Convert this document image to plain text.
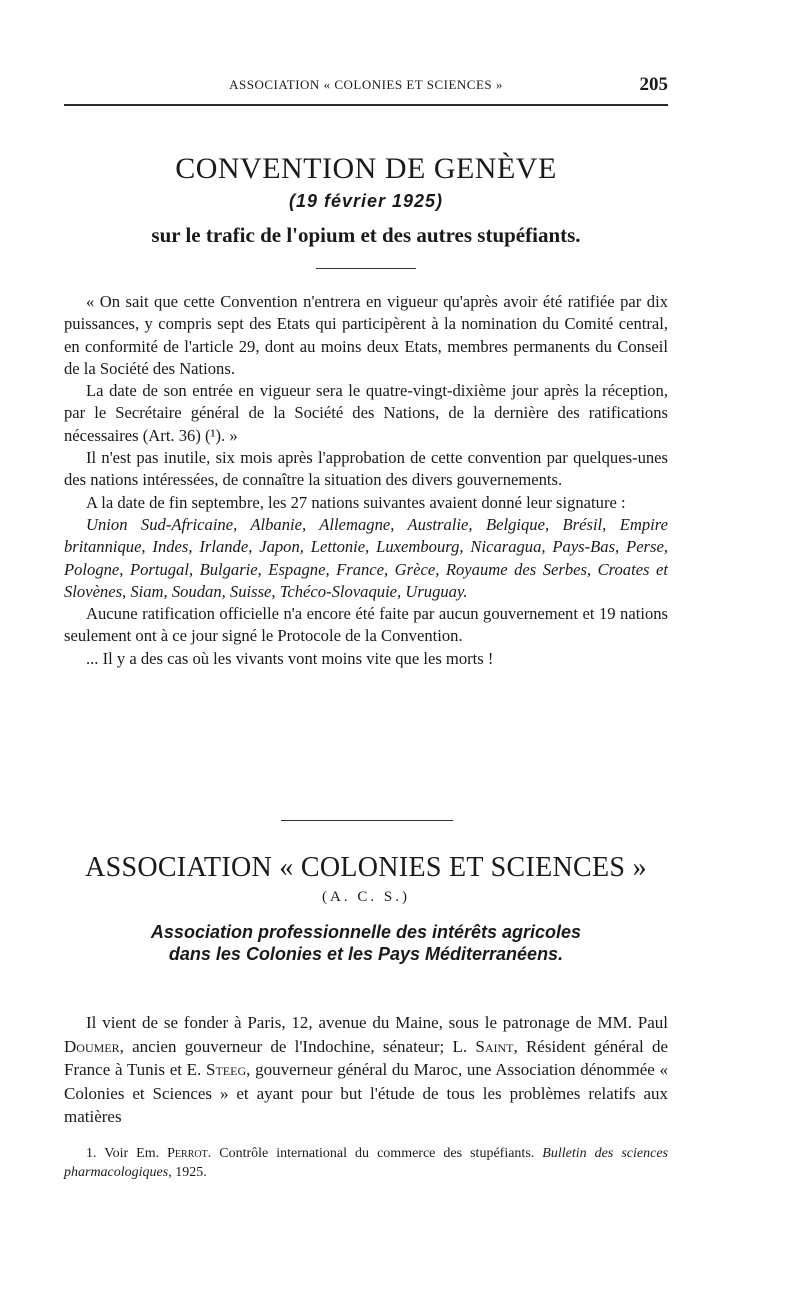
ASSOCIATION « COLONIES ET SCIENCES »	205
CONVENTION DE GENÈVE
(19 février 1925)
sur le trafic de l'opium et des autres stupéfiants.

« On sait que cette Convention n'entrera en vigueur qu'après avoir été ratifiée par dix puissances, y compris sept des Etats qui participèrent à la nomination du Comité central, en conformité de l'article 29, dont au moins deux Etats, membres permanents du Conseil de la Société des Nations.

La date de son entrée en vigueur sera le quatre-vingt-dixième jour après la réception, par le Secrétaire général de la Société des Nations, de la dernière des ratifications nécessaires (Art. 36) (¹). »

Il n'est pas inutile, six mois après l'approbation de cette convention par quelques-unes des nations intéressées, de connaître la situation des divers gouvernements.

A la date de fin septembre, les 27 nations suivantes avaient donné leur signature :

Union Sud-Africaine, Albanie, Allemagne, Australie, Belgique, Brésil, Empire britannique, Indes, Irlande, Japon, Lettonie, Luxembourg, Nicaragua, Pays-Bas, Perse, Pologne, Portugal, Bulgarie, Espagne, France, Grèce, Royaume des Serbes, Croates et Slovènes, Siam, Soudan, Suisse, Tchéco-Slovaquie, Uruguay.

Aucune ratification officielle n'a encore été faite par aucun gouvernement et 19 nations seulement ont à ce jour signé le Protocole de la Convention.

... Il y a des cas où les vivants vont moins vite que les morts !

ASSOCIATION « COLONIES ET SCIENCES »
(A. C. S.)
Association professionnelle des intérêts agricoles
dans les Colonies et les Pays Méditerranéens.

Il vient de se fonder à Paris, 12, avenue du Maine, sous le patronage de MM. Paul Doumer, ancien gouverneur de l'Indochine, sénateur; L. Saint, Résident général de France à Tunis et E. Steeg, gouverneur général du Maroc, une Association dénommée « Colonies et Sciences » et ayant pour but l'étude de tous les problèmes relatifs aux matières

1. Voir Em. Perrot. Contrôle international du commerce des stupéfiants. Bulletin des sciences pharmacologiques, 1925.
